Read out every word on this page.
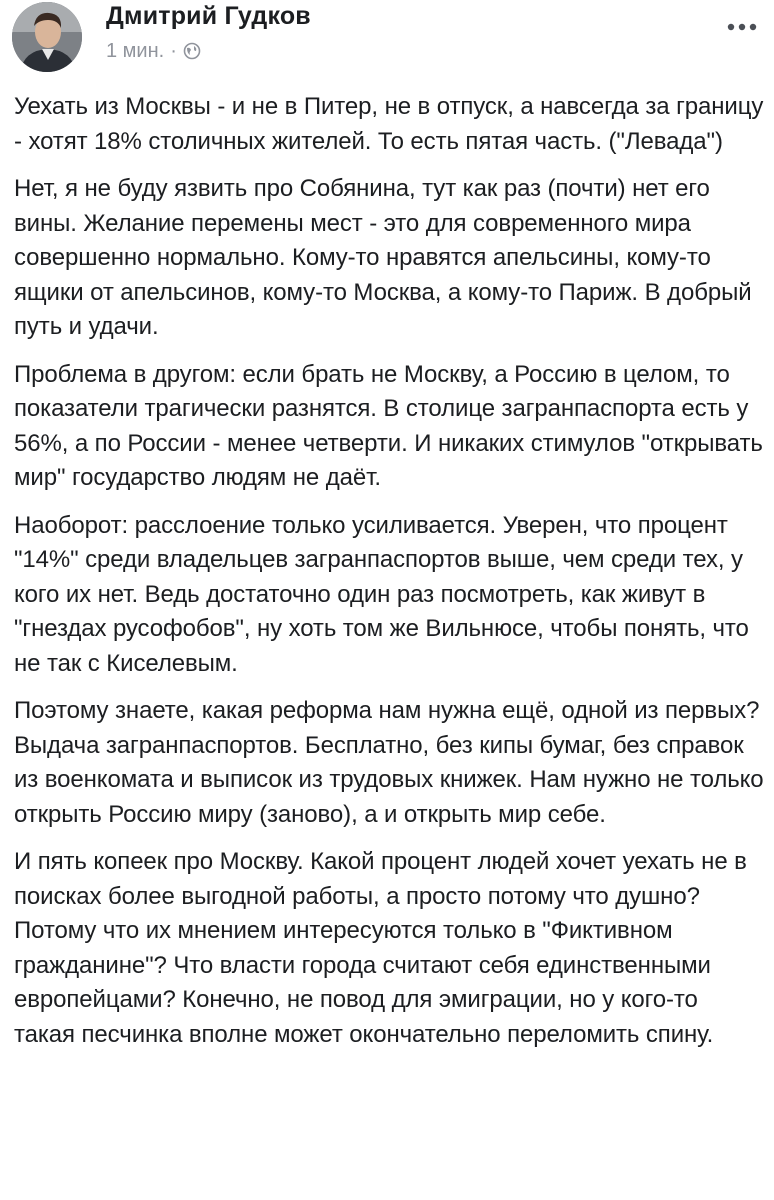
Дмитрий Гудков
1 мин. ·

Уехать из Москвы - и не в Питер, не в отпуск, а навсегда за границу - хотят 18% столичных жителей. То есть пятая часть. ("Левада")

Нет, я не буду язвить про Собянина, тут как раз (почти) нет его вины. Желание перемены мест - это для современного мира совершенно нормально. Кому-то нравятся апельсины, кому-то ящики от апельсинов, кому-то Москва, а кому-то Париж. В добрый путь и удачи.

Проблема в другом: если брать не Москву, а Россию в целом, то показатели трагически разнятся. В столице загранпаспорта есть у 56%, а по России - менее четверти. И никаких стимулов "открывать мир" государство людям не даёт.

Наоборот: расслоение только усиливается. Уверен, что процент "14%" среди владельцев загранпаспортов выше, чем среди тех, у кого их нет. Ведь достаточно один раз посмотреть, как живут в "гнездах русофобов", ну хоть том же Вильнюсе, чтобы понять, что не так с Киселевым.

Поэтому знаете, какая реформа нам нужна ещё, одной из первых? Выдача загранпаспортов. Бесплатно, без кипы бумаг, без справок из военкомата и выписок из трудовых книжек. Нам нужно не только открыть Россию миру (заново), а и открыть мир себе.

И пять копеек про Москву. Какой процент людей хочет уехать не в поисках более выгодной работы, а просто потому что душно? Потому что их мнением интересуются только в "Фиктивном гражданине"? Что власти города считают себя единственными европейцами? Конечно, не повод для эмиграции, но у кого-то такая песчинка вполне может окончательно переломить спину.
